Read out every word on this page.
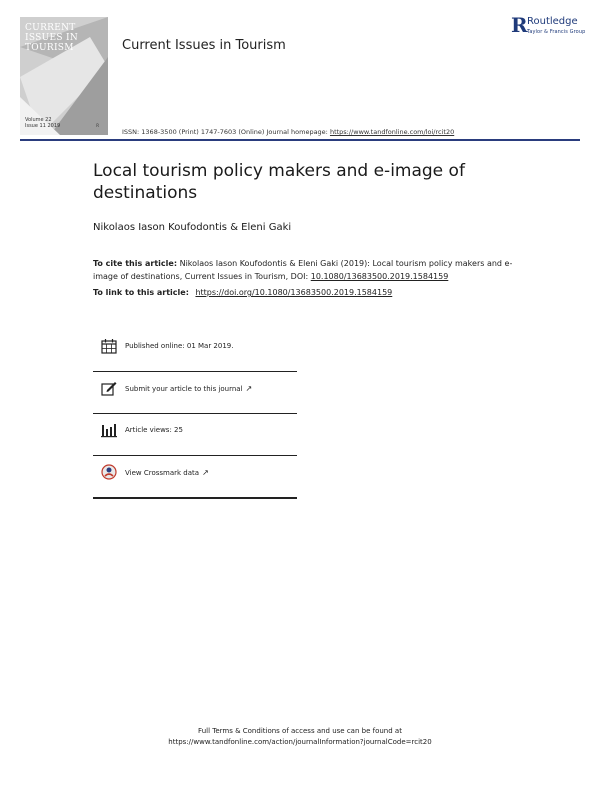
CURRENT ISSUES IN TOURISM
Volume 22 Issue 11 2019	R
Current Issues in Tourism
R Routledge
Taylor & Francis Group
ISSN: 1368-3500 (Print) 1747-7603 (Online) Journal homepage: https://www.tandfonline.com/loi/rcit20
Local tourism policy makers and e-image of destinations
Nikolaos Iason Koufodontis & Eleni Gaki
To cite this article: Nikolaos Iason Koufodontis & Eleni Gaki (2019): Local tourism policy makers and e-image of destinations, Current Issues in Tourism, DOI: 10.1080/13683500.2019.1584159
To link to this article: https://doi.org/10.1080/13683500.2019.1584159
Published online: 01 Mar 2019.
Submit your article to this journal ↗
Article views: 25
View Crossmark data ↗
Full Terms & Conditions of access and use can be found at
https://www.tandfonline.com/action/journalInformation?journalCode=rcit20
